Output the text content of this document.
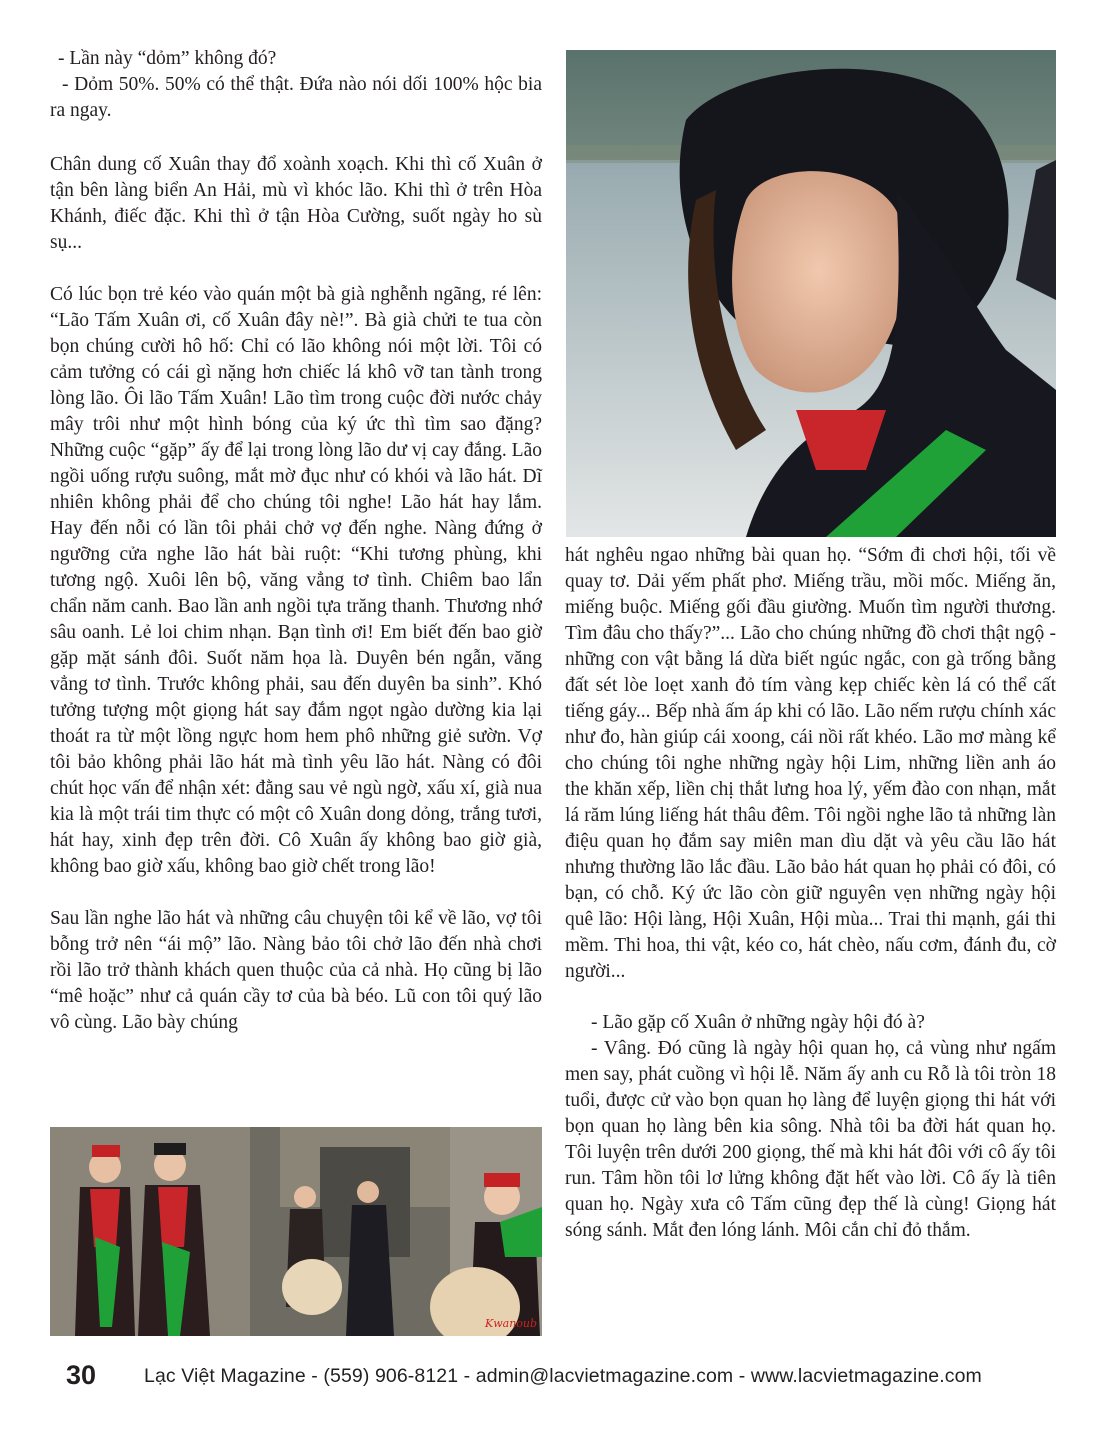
- Lần này “dỏm” không đó?

- Dỏm 50%. 50% có thể thật. Đứa nào nói dối 100% hộc bia ra ngay.

Chân dung cố Xuân thay đổ xoành xoạch. Khi thì cố Xuân ở tận bên làng biển An Hải, mù vì khóc lão. Khi thì ở trên Hòa Khánh, điếc đặc. Khi thì ở tận Hòa Cường, suốt ngày ho sù sụ...

Có lúc bọn trẻ kéo vào quán một bà già nghễnh ngãng, ré lên: “Lão Tấm Xuân ơi, cố Xuân đây nè!”. Bà già chửi te tua còn bọn chúng cười hô hố: Chỉ có lão không nói một lời. Tôi có cảm tưởng có cái gì nặng hơn chiếc lá khô vỡ tan tành trong lòng lão. Ôi lão Tấm Xuân! Lão tìm trong cuộc đời nước chảy mây trôi như một hình bóng của ký ức thì tìm sao đặng? Những cuộc “gặp” ấy để lại trong lòng lão dư vị cay đắng. Lão ngồi uống rượu suông, mắt mờ đục như có khói và lão hát. Dĩ nhiên không phải để cho chúng tôi nghe! Lão hát hay lắm. Hay đến nỗi có lần tôi phải chở vợ đến nghe. Nàng đứng ở ngưỡng cửa nghe lão hát bài ruột: “Khi tương phùng, khi tương ngộ. Xuôi lên bộ, văng vẳng tơ tình. Chiêm bao lẩn chẩn năm canh. Bao lần anh ngồi tựa trăng thanh. Thương nhớ sâu oanh. Lẻ loi chim nhạn. Bạn tình ơi! Em biết đến bao giờ gặp mặt sánh đôi. Suốt năm họa là. Duyên bén ngẫn, văng vẳng tơ tình. Trước không phải, sau đến duyên ba sinh”. Khó tưởng tượng một giọng hát say đắm ngọt ngào dường kia lại thoát ra từ một lồng ngực hom hem phô những giẻ sườn. Vợ tôi bảo không phải lão hát mà tình yêu lão hát. Nàng có đôi chút học vấn để nhận xét: đằng sau vẻ ngù ngờ, xấu xí, già nua kia là một trái tim thực có một cô Xuân dong dỏng, trắng tươi, hát hay, xinh đẹp trên đời. Cô Xuân ấy không bao giờ già, không bao giờ xấu, không bao giờ chết trong lão!

Sau lần nghe lão hát và những câu chuyện tôi kể về lão, vợ tôi bỗng trở nên “ái mộ” lão. Nàng bảo tôi chở lão đến nhà chơi rồi lão trở thành khách quen thuộc của cả nhà. Họ cũng bị lão “mê hoặc” như cả quán cầy tơ của bà béo. Lũ con tôi quý lão vô cùng. Lão bày chúng

hát nghêu ngao những bài quan họ. “Sớm đi chơi hội, tối về quay tơ. Dải yếm phất phơ. Miếng trầu, mồi mốc. Miếng ăn, miếng buộc. Miếng gối đầu giường. Muốn tìm người thương. Tìm đâu cho thấy?”... Lão cho chúng những đồ chơi thật ngộ - những con vật bằng lá dừa biết ngúc ngắc, con gà trống bằng đất sét lòe loẹt xanh đỏ tím vàng kẹp chiếc kèn lá có thể cất tiếng gáy... Bếp nhà ấm áp khi có lão. Lão nếm rượu chính xác như đo, hàn giúp cái xoong, cái nồi rất khéo. Lão mơ màng kể cho chúng tôi nghe những ngày hội Lim, những liền anh áo the khăn xếp, liền chị thắt lưng hoa lý, yếm đào con nhạn, mắt lá răm lúng liếng hát thâu đêm. Tôi ngồi nghe lão tả những làn điệu quan họ đắm say miên man dìu dặt và yêu cầu lão hát nhưng thường lão lắc đầu. Lão bảo hát quan họ phải có đôi, có bạn, có chỗ. Ký ức lão còn giữ nguyên vẹn những ngày hội quê lão: Hội làng, Hội Xuân, Hội mùa... Trai thi mạnh, gái thi mềm. Thi hoa, thi vật, kéo co, hát chèo, nấu cơm, đánh đu, cờ người...

- Lão gặp cố Xuân ở những ngày hội đó à?

- Vâng. Đó cũng là ngày hội quan họ, cả vùng như ngấm men say, phát cuồng vì hội lễ. Năm ấy anh cu Rỗ là tôi tròn 18 tuổi, được cử vào bọn quan họ làng để luyện giọng thi hát với bọn quan họ làng bên kia sông. Nhà tôi ba đời hát quan họ. Tôi luyện trên dưới 200 giọng, thế mà khi hát đôi với cô ấy tôi run. Tâm hồn tôi lơ lửng không đặt hết vào lời. Cô ấy là tiên quan họ. Ngày xưa cô Tấm cũng đẹp thế là cùng! Giọng hát sóng sánh. Mắt đen lóng lánh. Môi cắn chỉ đỏ thắm.

Kwanoub
30 Lạc Việt Magazine - (559) 906-8121 - admin@lacvietmagazine.com - www.lacvietmagazine.com
